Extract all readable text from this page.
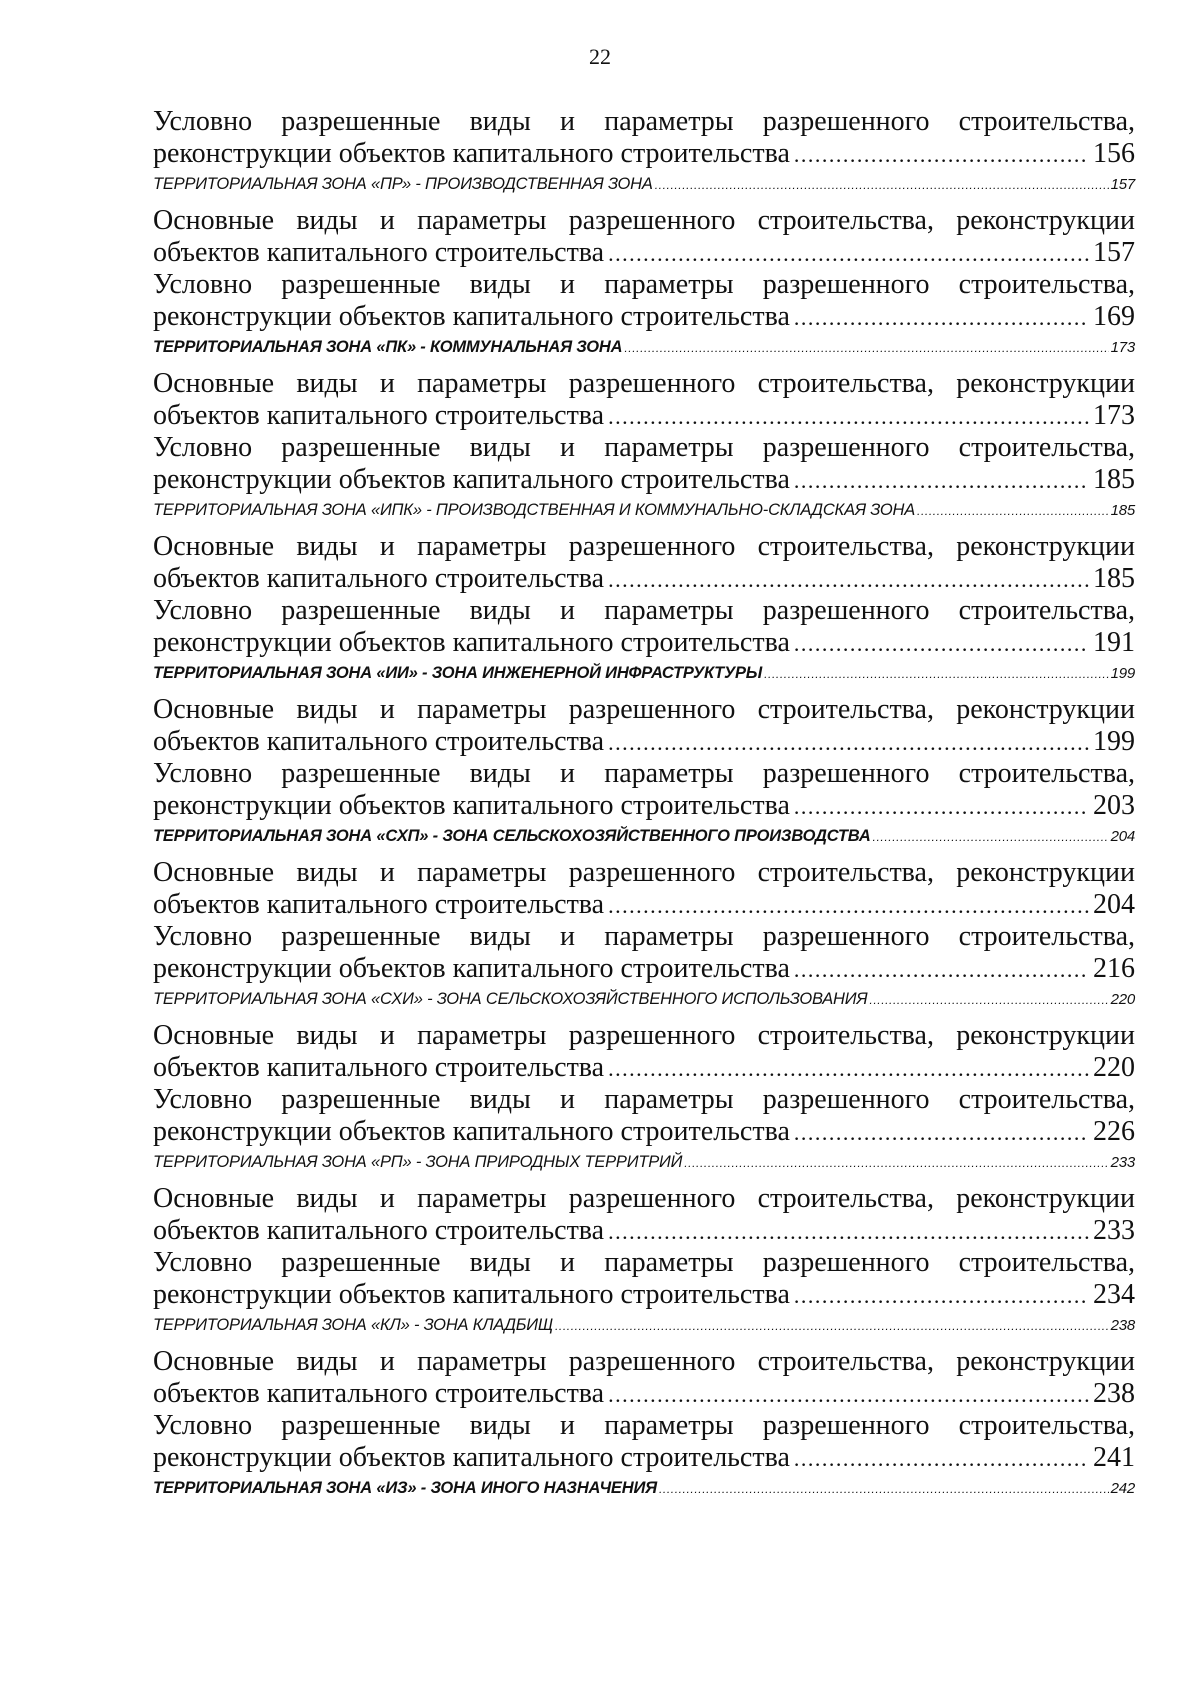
22
Условно разрешенные виды и параметры разрешенного строительства,
реконструкции объектов капитального строительства .....	156
ТЕРРИТОРИАЛЬНАЯ ЗОНА «ПР» - ПРОИЗВОДСТВЕННАЯ ЗОНА .....	157
Основные виды и параметры разрешенного строительства, реконструкции
объектов капитального строительства .....	157
Условно разрешенные виды и параметры разрешенного строительства,
реконструкции объектов капитального строительства .....	169
ТЕРРИТОРИАЛЬНАЯ ЗОНА «ПК» - КОММУНАЛЬНАЯ ЗОНА .....	173
Основные виды и параметры разрешенного строительства, реконструкции
объектов капитального строительства .....	173
Условно разрешенные виды и параметры разрешенного строительства,
реконструкции объектов капитального строительства .....	185
ТЕРРИТОРИАЛЬНАЯ ЗОНА «ИПК» - ПРОИЗВОДСТВЕННАЯ И КОММУНАЛЬНО-СКЛАДСКАЯ ЗОНА .....	185
Основные виды и параметры разрешенного строительства, реконструкции
объектов капитального строительства .....	185
Условно разрешенные виды и параметры разрешенного строительства,
реконструкции объектов капитального строительства .....	191
ТЕРРИТОРИАЛЬНАЯ ЗОНА «ИИ» - ЗОНА ИНЖЕНЕРНОЙ ИНФРАСТРУКТУРЫ .....	199
Основные виды и параметры разрешенного строительства, реконструкции
объектов капитального строительства .....	199
Условно разрешенные виды и параметры разрешенного строительства,
реконструкции объектов капитального строительства .....	203
ТЕРРИТОРИАЛЬНАЯ ЗОНА «СХП» - ЗОНА СЕЛЬСКОХОЗЯЙСТВЕННОГО ПРОИЗВОДСТВА .....	204
Основные виды и параметры разрешенного строительства, реконструкции
объектов капитального строительства .....	204
Условно разрешенные виды и параметры разрешенного строительства,
реконструкции объектов капитального строительства .....	216
ТЕРРИТОРИАЛЬНАЯ ЗОНА «СХИ» - ЗОНА СЕЛЬСКОХОЗЯЙСТВЕННОГО ИСПОЛЬЗОВАНИЯ .....	220
Основные виды и параметры разрешенного строительства, реконструкции
объектов капитального строительства .....	220
Условно разрешенные виды и параметры разрешенного строительства,
реконструкции объектов капитального строительства .....	226
ТЕРРИТОРИАЛЬНАЯ ЗОНА «РП» - ЗОНА ПРИРОДНЫХ ТЕРРИТРИЙ .....	233
Основные виды и параметры разрешенного строительства, реконструкции
объектов капитального строительства .....	233
Условно разрешенные виды и параметры разрешенного строительства,
реконструкции объектов капитального строительства .....	234
ТЕРРИТОРИАЛЬНАЯ ЗОНА «КЛ» - ЗОНА КЛАДБИЩ .....	238
Основные виды и параметры разрешенного строительства, реконструкции
объектов капитального строительства .....	238
Условно разрешенные виды и параметры разрешенного строительства,
реконструкции объектов капитального строительства .....	241
ТЕРРИТОРИАЛЬНАЯ ЗОНА «ИЗ» - ЗОНА ИНОГО НАЗНАЧЕНИЯ .....	242
